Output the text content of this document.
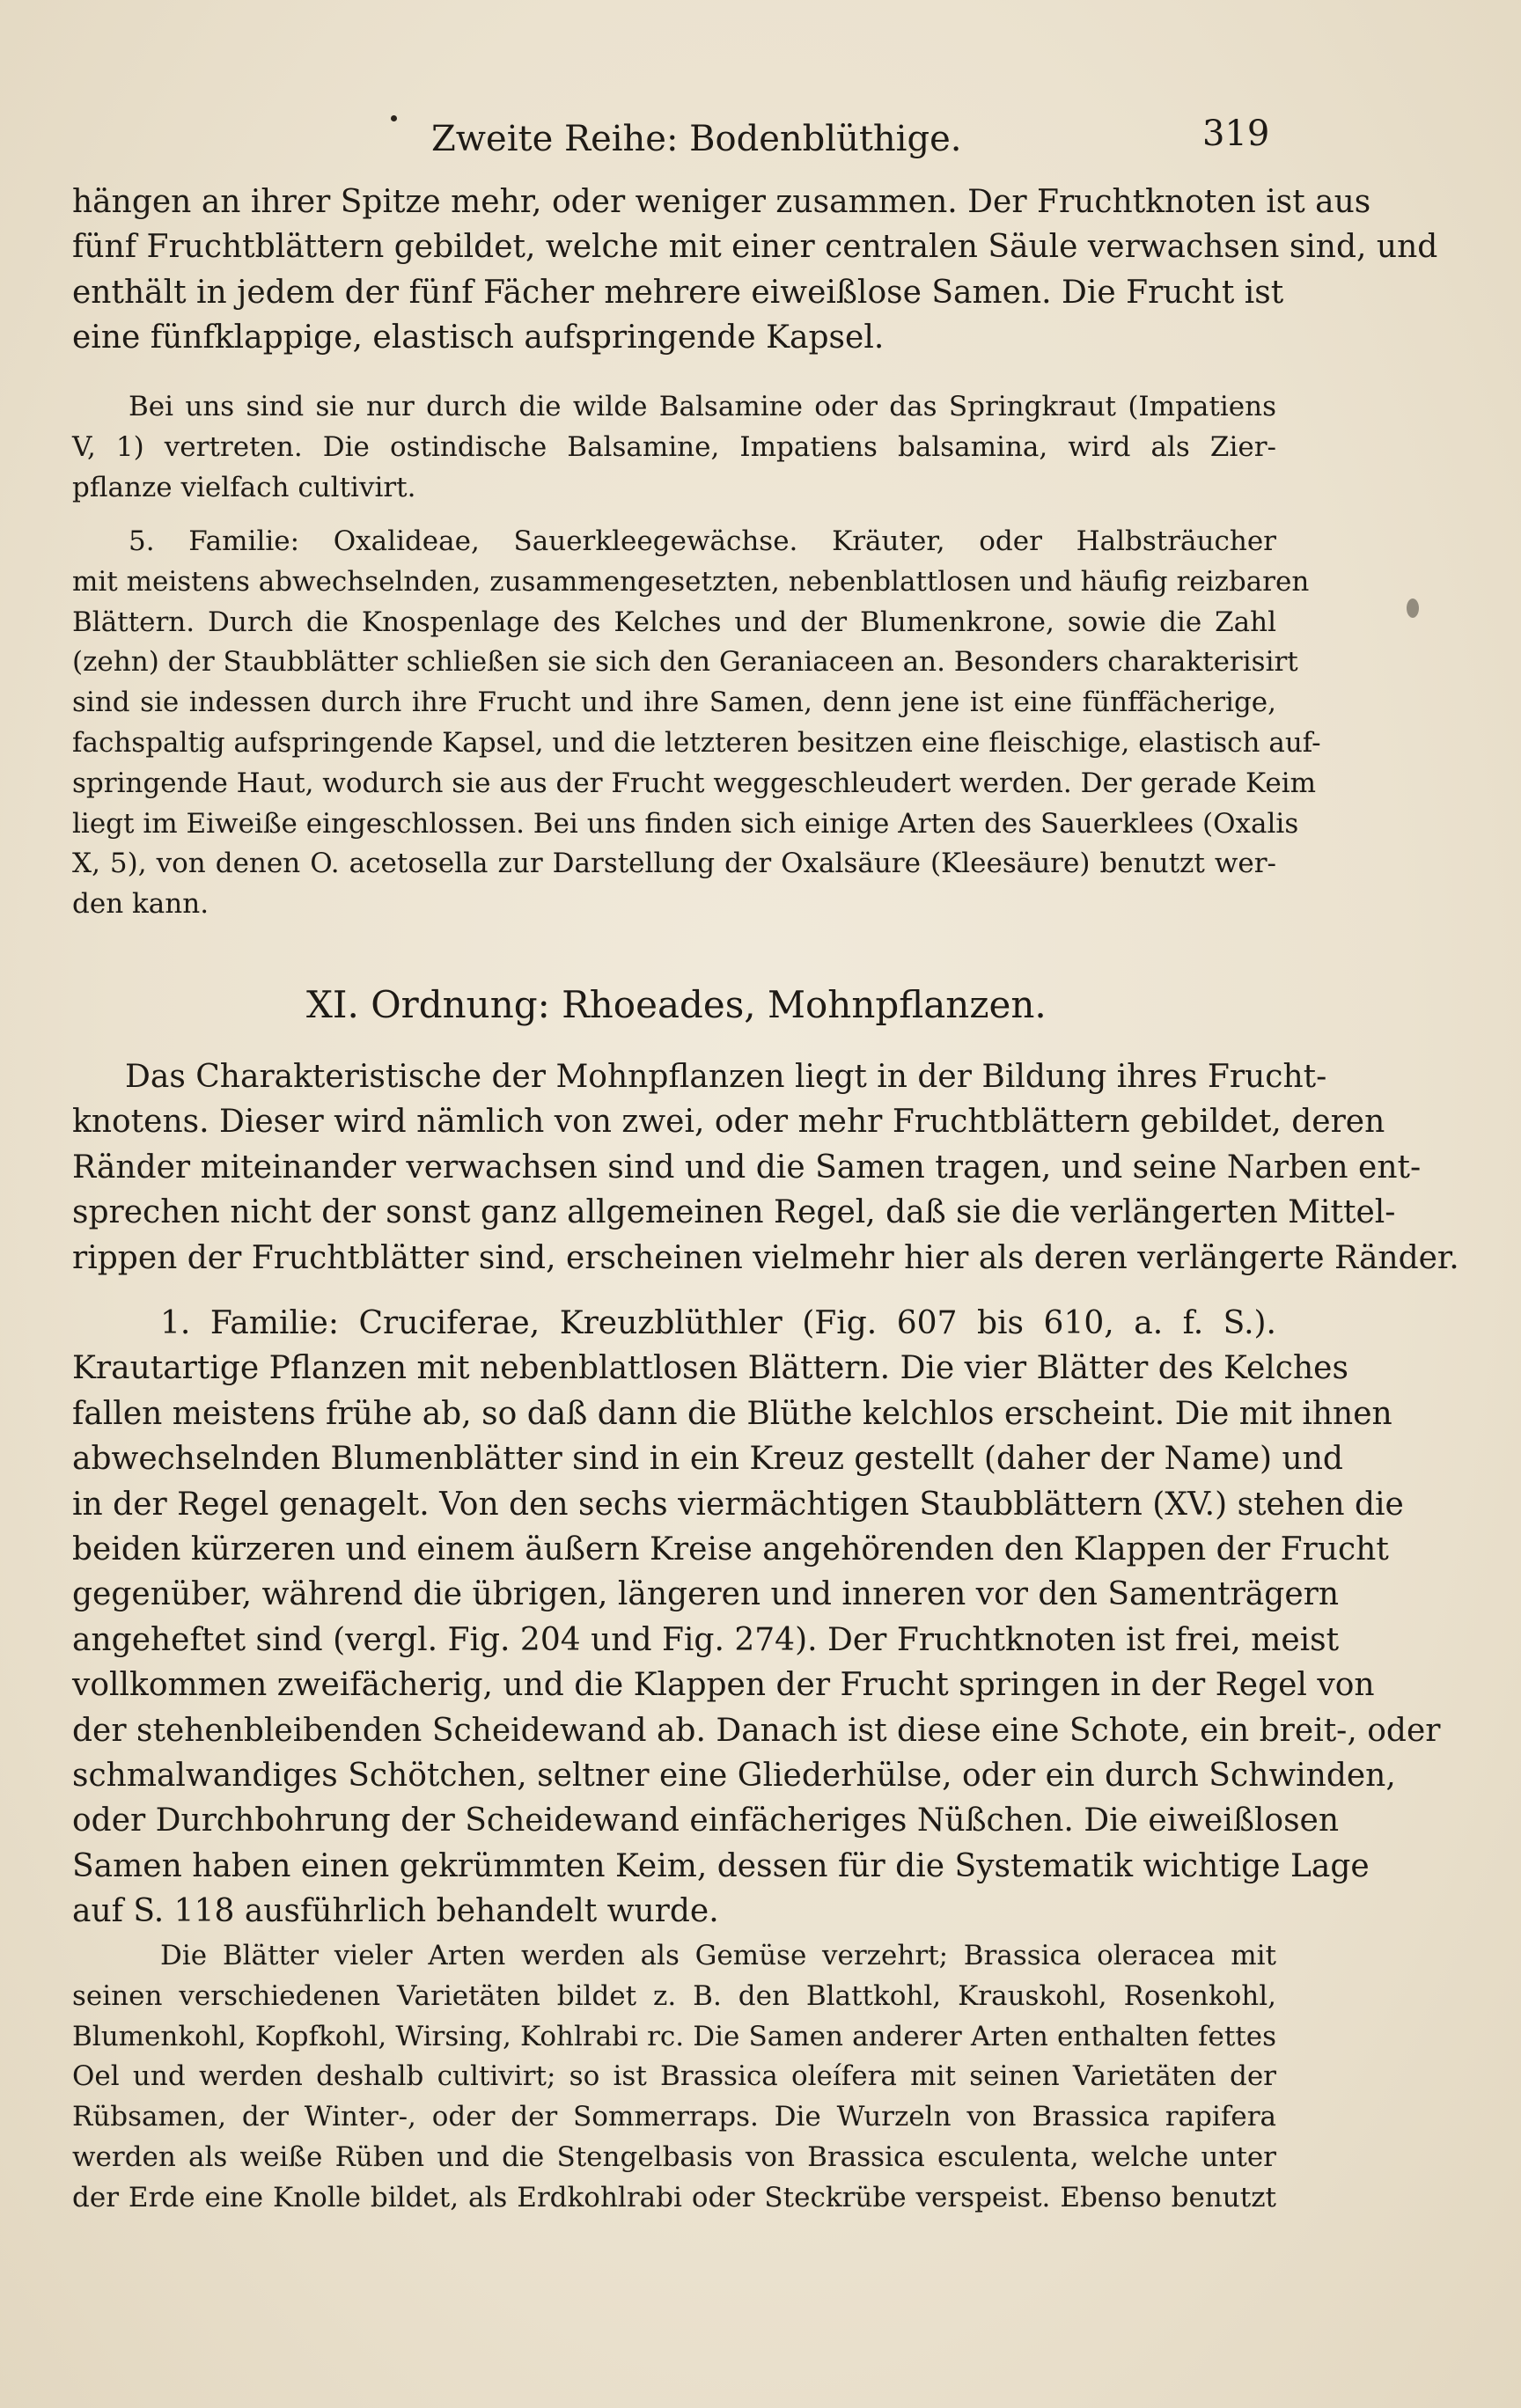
Zweite Reihe: Bodenblüthige.	319
hängen an ihrer Spitze mehr, oder weniger zusammen. Der Fruchtknoten ist aus
fünf Fruchtblättern gebildet, welche mit einer centralen Säule verwachsen sind, und
enthält in jedem der fünf Fächer mehrere eiweißlose Samen. Die Frucht ist
eine fünfklappige, elastisch aufspringende Kapsel.
Bei uns sind sie nur durch die wilde Balsamine oder das Springkraut (Impatiens
V, 1) vertreten. Die ostindische Balsamine, Impatiens balsamina, wird als Zier-
pflanze vielfach cultivirt.
5. Familie: Oxalideae, Sauerkleegewächse. Kräuter, oder Halbsträucher
mit meistens abwechselnden, zusammengesetzten, nebenblattlosen und häufig reizbaren
Blättern. Durch die Knospenlage des Kelches und der Blumenkrone, sowie die Zahl
(zehn) der Staubblätter schließen sie sich den Geraniaceen an. Besonders charakterisirt
sind sie indessen durch ihre Frucht und ihre Samen, denn jene ist eine fünffächerige,
fachspaltig aufspringende Kapsel, und die letzteren besitzen eine fleischige, elastisch auf-
springende Haut, wodurch sie aus der Frucht weggeschleudert werden. Der gerade Keim
liegt im Eiweiße eingeschlossen. Bei uns finden sich einige Arten des Sauerklees (Oxalis
X, 5), von denen O. acetosella zur Darstellung der Oxalsäure (Kleesäure) benutzt wer-
den kann.
XI. Ordnung: Rhoeades, Mohnpflanzen.
Das Charakteristische der Mohnpflanzen liegt in der Bildung ihres Frucht-
knotens. Dieser wird nämlich von zwei, oder mehr Fruchtblättern gebildet, deren
Ränder miteinander verwachsen sind und die Samen tragen, und seine Narben ent-
sprechen nicht der sonst ganz allgemeinen Regel, daß sie die verlängerten Mittel-
rippen der Fruchtblätter sind, erscheinen vielmehr hier als deren verlängerte Ränder.
1. Familie: Cruciferae, Kreuzblüthler (Fig. 607 bis 610, a. f. S.).
Krautartige Pflanzen mit nebenblattlosen Blättern. Die vier Blätter des Kelches
fallen meistens frühe ab, so daß dann die Blüthe kelchlos erscheint. Die mit ihnen
abwechselnden Blumenblätter sind in ein Kreuz gestellt (daher der Name) und
in der Regel genagelt. Von den sechs viermächtigen Staubblättern (XV.) stehen die
beiden kürzeren und einem äußern Kreise angehörenden den Klappen der Frucht
gegenüber, während die übrigen, längeren und inneren vor den Samenträgern
angeheftet sind (vergl. Fig. 204 und Fig. 274). Der Fruchtknoten ist frei, meist
vollkommen zweifächerig, und die Klappen der Frucht springen in der Regel von
der stehenbleibenden Scheidewand ab. Danach ist diese eine Schote, ein breit-, oder
schmalwandiges Schötchen, seltner eine Gliederhülse, oder ein durch Schwinden,
oder Durchbohrung der Scheidewand einfächeriges Nüßchen. Die eiweißlosen
Samen haben einen gekrümmten Keim, dessen für die Systematik wichtige Lage
auf S. 118 ausführlich behandelt wurde.
Die Blätter vieler Arten werden als Gemüse verzehrt; Brassica oleracea mit
seinen verschiedenen Varietäten bildet z. B. den Blattkohl, Krauskohl, Rosenkohl,
Blumenkohl, Kopfkohl, Wirsing, Kohlrabi rc. Die Samen anderer Arten enthalten fettes
Oel und werden deshalb cultivirt; so ist Brassica oleífera mit seinen Varietäten der
Rübsamen, der Winter-, oder der Sommerraps. Die Wurzeln von Brassica rapifera
werden als weiße Rüben und die Stengelbasis von Brassica esculenta, welche unter
der Erde eine Knolle bildet, als Erdkohlrabi oder Steckrübe verspeist. Ebenso benutzt
